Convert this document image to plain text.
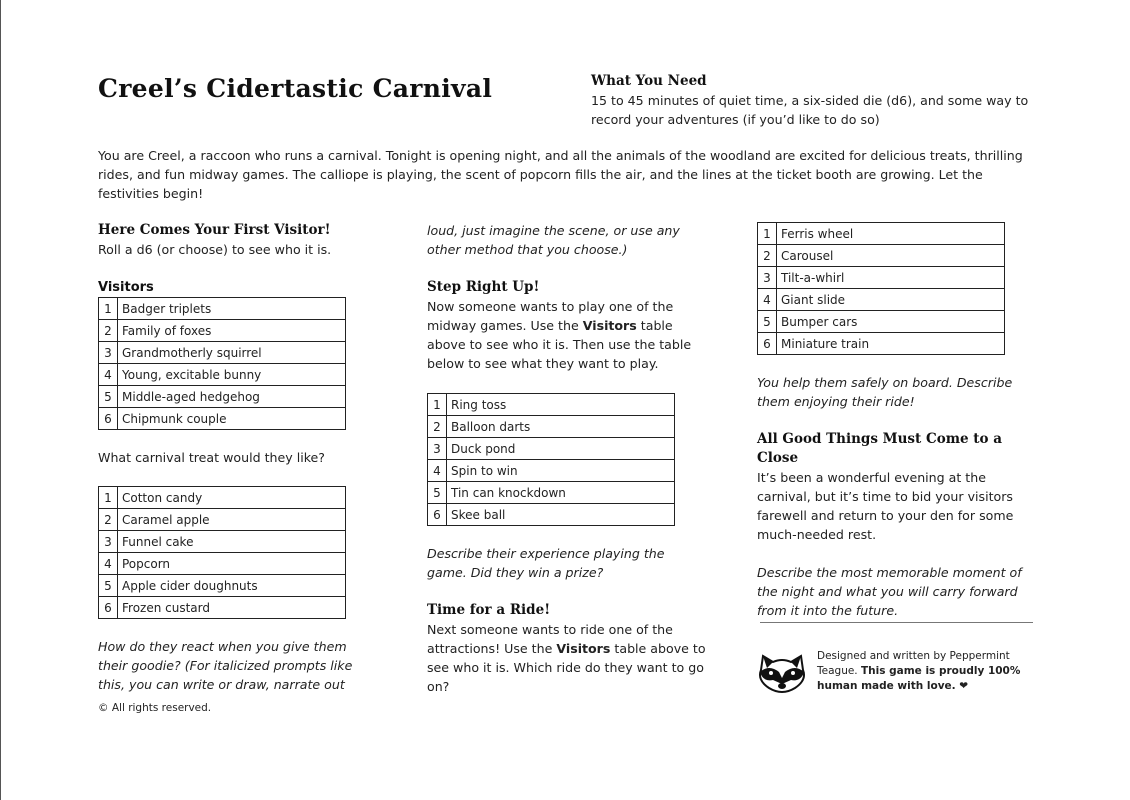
Creel’s Cidertastic Carnival	What You Need

15 to 45 minutes of quiet time, a six-sided die (d6), and some way to record your adventures (if you’d like to do so)

You are Creel, a raccoon who runs a carnival. Tonight is opening night, and all the animals of the woodland are excited for delicious treats, thrilling rides, and fun midway games. The calliope is playing, the scent of popcorn fills the air, and the lines at the ticket booth are growing. Let the festivities begin!

Here Comes Your First Visitor!

Roll a d6 (or choose) to see who it is.

Visitors
1	Badger triplets
2	Family of foxes
3	Grandmotherly squirrel
4	Young, excitable bunny
5	Middle-aged hedgehog
6	Chipmunk couple

What carnival treat would they like?

1	Cotton candy
2	Caramel apple
3	Funnel cake
4	Popcorn
5	Apple cider doughnuts
6	Frozen custard

How do they react when you give them their goodie? (For italicized prompts like this, you can write or draw, narrate out

© All rights reserved.

loud, just imagine the scene, or use any other method that you choose.)

Step Right Up!

Now someone wants to play one of the midway games. Use the Visitors table above to see who it is. Then use the table below to see what they want to play.

1	Ring toss
2	Balloon darts
3	Duck pond
4	Spin to win
5	Tin can knockdown
6	Skee ball

Describe their experience playing the game. Did they win a prize?

Time for a Ride!

Next someone wants to ride one of the attractions! Use the Visitors table above to see who it is. Which ride do they want to go on?

1	Ferris wheel
2	Carousel
3	Tilt-a-whirl
4	Giant slide
5	Bumper cars
6	Miniature train

You help them safely on board. Describe them enjoying their ride!

All Good Things Must Come to a Close

It’s been a wonderful evening at the carnival, but it’s time to bid your visitors farewell and return to your den for some much-needed rest.

Describe the most memorable moment of the night and what you will carry forward from it into the future.

Designed and written by Peppermint Teague. This game is proudly 100% human made with love. ❤
